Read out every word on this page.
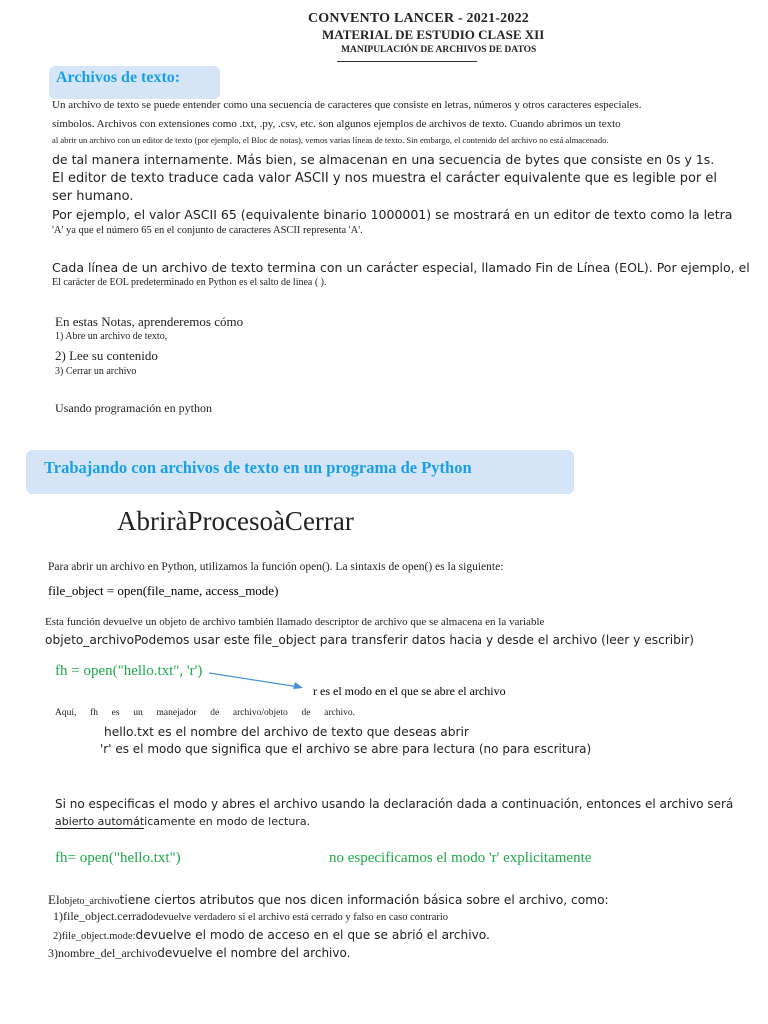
CONVENTO LANCER - 2021-2022
MATERIAL DE ESTUDIO CLASE XII
MANIPULACIÓN DE ARCHIVOS DE DATOS
Archivos de texto:
Un archivo de texto se puede entender como una secuencia de caracteres que consiste en letras, números y otros caracteres especiales.
símbolos. Archivos con extensiones como .txt, .py, .csv, etc. son algunos ejemplos de archivos de texto. Cuando abrimos un texto
al abrir un archivo con un editor de texto (por ejemplo, el Bloc de notas), vemos varias líneas de texto. Sin embargo, el contenido del archivo no está almacenado.
de tal manera internamente. Más bien, se almacenan en una secuencia de bytes que consiste en 0s y 1s.
El editor de texto traduce cada valor ASCII y nos muestra el carácter equivalente que es legible por el
ser humano.
Por ejemplo, el valor ASCII 65 (equivalente binario 1000001) se mostrará en un editor de texto como la letra
'A' ya que el número 65 en el conjunto de caracteres ASCII representa 'A'.
Cada línea de un archivo de texto termina con un carácter especial, llamado Fin de Línea (EOL). Por ejemplo, el
El carácter de EOL predeterminado en Python es el salto de línea ( ).
En estas Notas, aprenderemos cómo
1) Abre un archivo de texto,
2) Lee su contenido
3) Cerrar un archivo
Usando programación en python
Trabajando con archivos de texto en un programa de Python
AbriràProcesoàCerrar
Para abrir un archivo en Python, utilizamos la función open(). La sintaxis de open() es la siguiente:
file_object = open(file_name, access_mode)
Esta función devuelve un objeto de archivo también llamado descriptor de archivo que se almacena en la variable
objeto_archivoPodemos usar este file_object para transferir datos hacia y desde el archivo (leer y escribir)
fh = open("hello.txt", 'r')
r es el modo en el que se abre el archivo
Aquí, fh es un manejador de archivo/objeto de archivo.
hello.txt es el nombre del archivo de texto que deseas abrir
'r' es el modo que significa que el archivo se abre para lectura (no para escritura)
Si no especificas el modo y abres el archivo usando la declaración dada a continuación, entonces el archivo será
abierto automáticamente en modo de lectura.
fh= open("hello.txt")	no especificamos el modo 'r' explicitamente
Elobjeto_archivotiene ciertos atributos que nos dicen información básica sobre el archivo, como:
1)file_object.cerradodevuelve verdadero si el archivo está cerrado y falso en caso contrario
2)file_object.mode:devuelve el modo de acceso en el que se abrió el archivo.
3)nombre_del_archivodevuelve el nombre del archivo.
